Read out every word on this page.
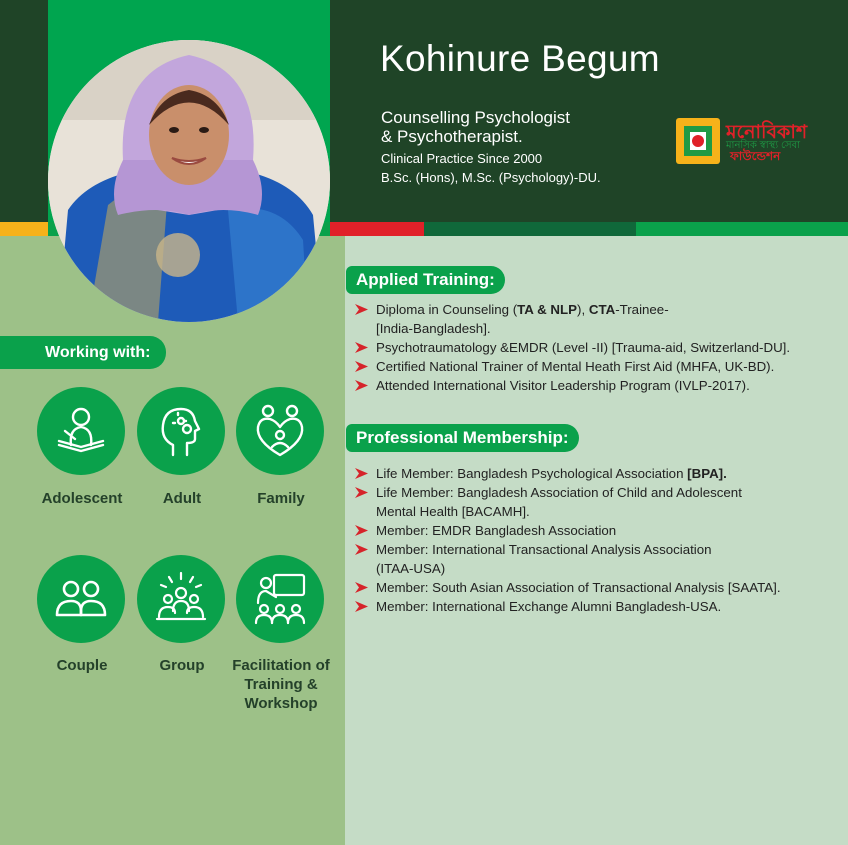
Kohinure Begum
Counselling Psychologist
& Psychotherapist.
Clinical Practice Since 2000
B.Sc. (Hons), M.Sc. (Psychology)-DU.
মনোবিকাশ
মানসিক স্বাস্থ্য সেবা
ফাউন্ডেশন
Working with:
Adolescent	Adult	Family
Couple	Group	Facilitation of
Training &
Workshop
Applied Training:
Diploma in Counseling (TA & NLP), CTA-Trainee-
[India-Bangladesh].
Psychotraumatology &EMDR (Level -II) [Trauma-aid, Switzerland-DU].
Certified National Trainer of Mental Heath First Aid (MHFA, UK-BD).
Attended International Visitor Leadership Program (IVLP-2017).
Professional Membership:
Life Member: Bangladesh Psychological Association [BPA].
Life Member: Bangladesh Association of Child and Adolescent
Mental Health [BACAMH].
Member: EMDR Bangladesh Association
Member: International Transactional Analysis Association
(ITAA-USA)
Member: South Asian Association of Transactional Analysis [SAATA].
Member: International Exchange Alumni Bangladesh-USA.
